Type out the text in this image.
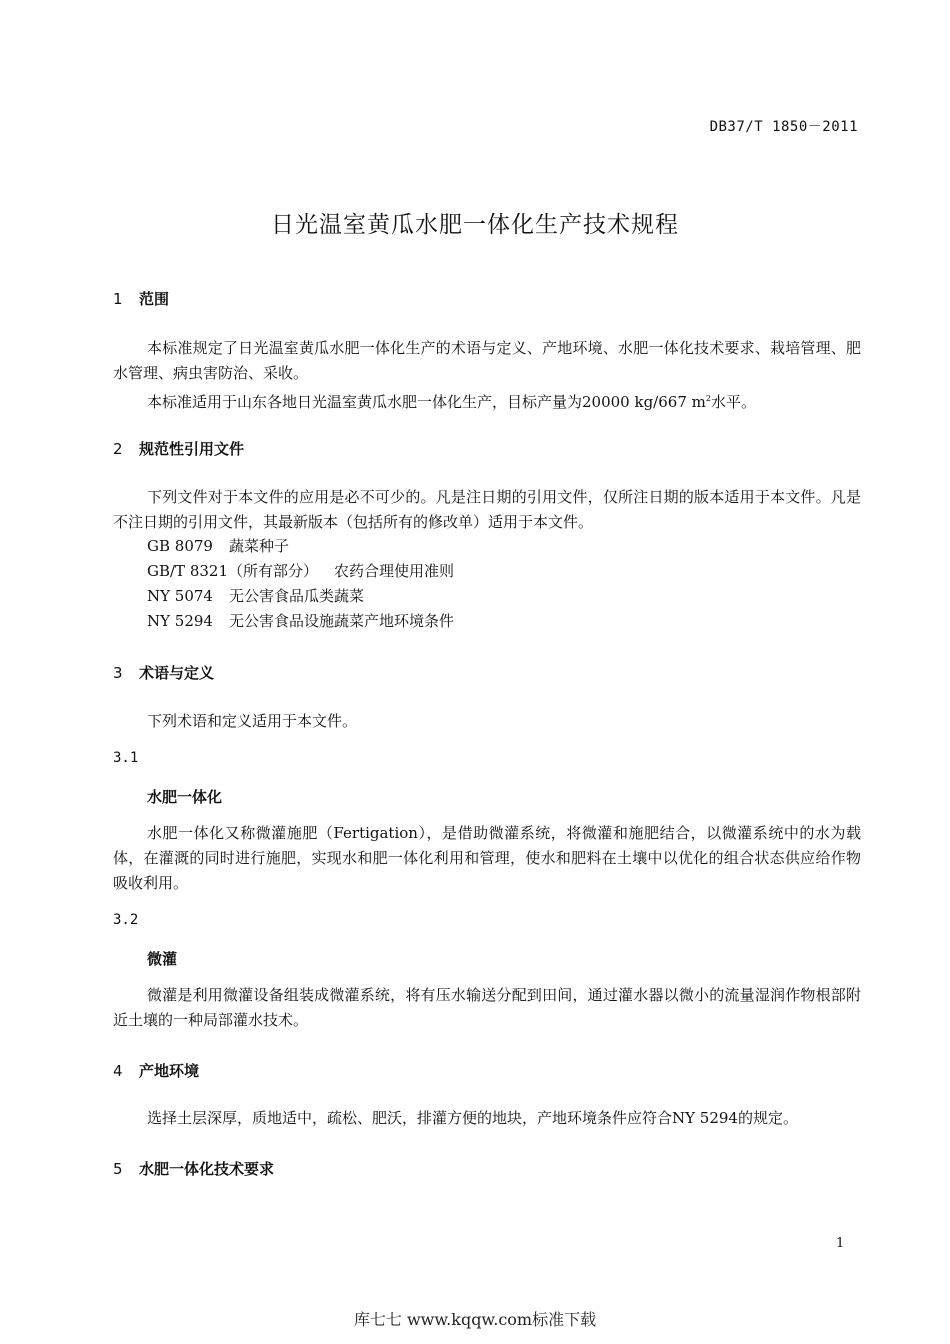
DB37/T 1850－2011
日光温室黄瓜水肥一体化生产技术规程
1 范围

本标准规定了日光温室黄瓜水肥一体化生产的术语与定义、产地环境、水肥一体化技术要求、栽培管理、肥水管理、病虫害防治、采收。

本标准适用于山东各地日光温室黄瓜水肥一体化生产，目标产量为20000 kg/667 $m^2$水平。

2 规范性引用文件

下列文件对于本文件的应用是必不可少的。凡是注日期的引用文件，仅所注日期的版本适用于本文件。凡是不注日期的引用文件，其最新版本（包括所有的修改单）适用于本文件。

GB 8079 蔬菜种子
GB/T 8321（所有部分） 农药合理使用准则
NY 5074 无公害食品瓜类蔬菜
NY 5294 无公害食品设施蔬菜产地环境条件
3 术语与定义

下列术语和定义适用于本文件。

3.1
水肥一体化

水肥一体化又称微灌施肥（Fertigation），是借助微灌系统，将微灌和施肥结合，以微灌系统中的水为载体，在灌溉的同时进行施肥，实现水和肥一体化利用和管理，使水和肥料在土壤中以优化的组合状态供应给作物吸收利用。

3.2
微灌

微灌是利用微灌设备组装成微灌系统，将有压水输送分配到田间，通过灌水器以微小的流量湿润作物根部附近土壤的一种局部灌水技术。

4 产地环境

选择土层深厚，质地适中，疏松、肥沃，排灌方便的地块，产地环境条件应符合NY 5294的规定。

5 水肥一体化技术要求
1
库七七 www.kqqw.com标准下载
